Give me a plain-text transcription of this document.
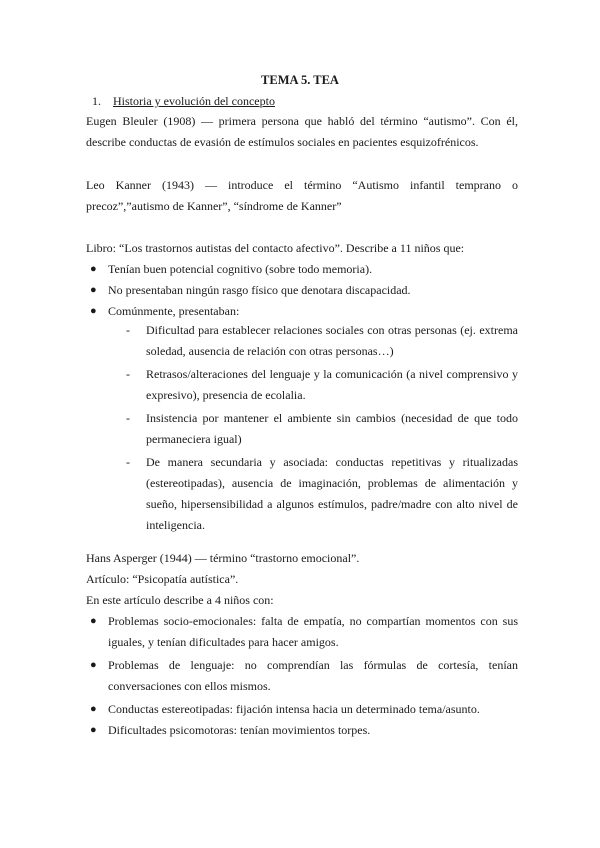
TEMA 5. TEA
1. Historia y evolución del concepto

Eugen Bleuler (1908) — primera persona que habló del término “autismo”. Con él, describe conductas de evasión de estímulos sociales en pacientes esquizofrénicos.

Leo Kanner (1943) — introduce el término “Autismo infantil temprano o precoz”,”autismo de Kanner”, “síndrome de Kanner”

Libro: “Los trastornos autistas del contacto afectivo”. Describe a 11 niños que:

● Tenían buen potencial cognitivo (sobre todo memoria).
● No presentaban ningún rasgo físico que denotara discapacidad.
● Comúnmente, presentaban:
- Dificultad para establecer relaciones sociales con otras personas (ej. extrema soledad, ausencia de relación con otras personas…)
- Retrasos/alteraciones del lenguaje y la comunicación (a nivel comprensivo y expresivo), presencia de ecolalia.
- Insistencia por mantener el ambiente sin cambios (necesidad de que todo permaneciera igual)
- De manera secundaria y asociada: conductas repetitivas y ritualizadas (estereotipadas), ausencia de imaginación, problemas de alimentación y sueño, hipersensibilidad a algunos estímulos, padre/madre con alto nivel de inteligencia.

Hans Asperger (1944) — término “trastorno emocional”.

Artículo: “Psicopatía autística”.

En este artículo describe a 4 niños con:

● Problemas socio-emocionales: falta de empatía, no compartían momentos con sus iguales, y tenían dificultades para hacer amigos.
● Problemas de lenguaje: no comprendían las fórmulas de cortesía, tenían conversaciones con ellos mismos.
● Conductas estereotipadas: fijación intensa hacia un determinado tema/asunto.
● Dificultades psicomotoras: tenían movimientos torpes.
